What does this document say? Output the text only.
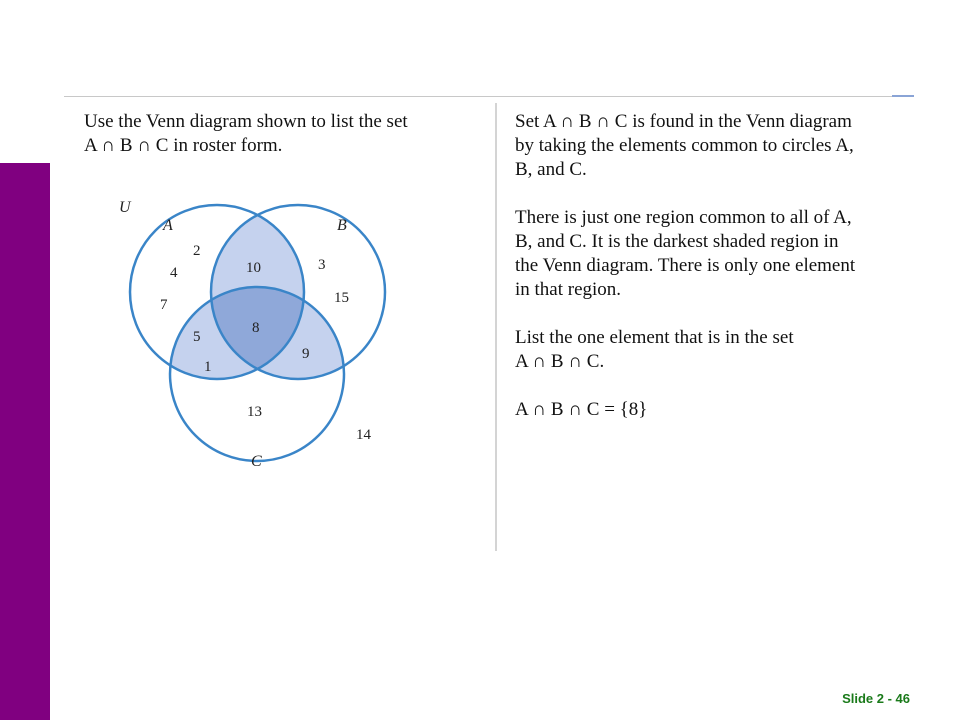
Use the Venn diagram shown to list the set

A ∩ B ∩ C in roster form.

U
A	B
C
2
4
7
3
15
10
8
5
1
9
13
14

Set A ∩ B ∩ C is found in the Venn diagram

by taking the elements common to circles A,

B, and C.

There is just one region common to all of A,

B, and C. It is the darkest shaded region in

the Venn diagram. There is only one element

in that region.

List the one element that is in the set

A ∩ B ∩ C.

A ∩ B ∩ C = {8}

Slide 2 - 46
